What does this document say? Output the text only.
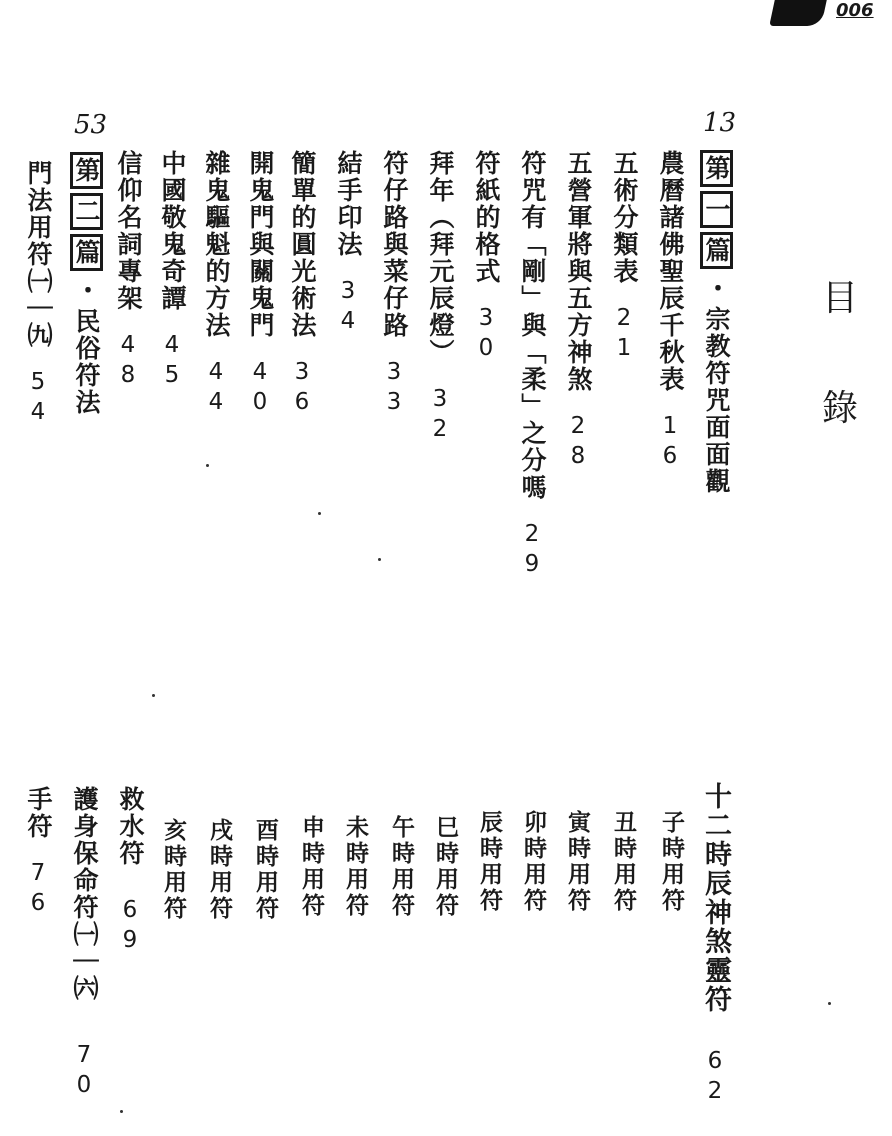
006
目
錄
13
53
第一篇・宗教符咒面面觀
農曆諸佛聖辰千秋表16
五術分類表21
五營軍將與五方神煞28
符咒有「剛」與「柔」之分嗎29
符紙的格式30
拜年（拜元辰燈）32
符仔路與菜仔路33
結手印法34
簡單的圓光術法36
開鬼門與關鬼門40
雜鬼驅魁的方法44
中國敬鬼奇譚45
信仰名詞專架48
第二篇・民俗符法
門法用符㈠｜㈨54
十二時辰神煞靈符62
子時用符
丑時用符
寅時用符
卯時用符
辰時用符
巳時用符
午時用符
未時用符
申時用符
酉時用符
戌時用符
亥時用符
救水符69
護身保命符㈠｜㈥70
手符76
